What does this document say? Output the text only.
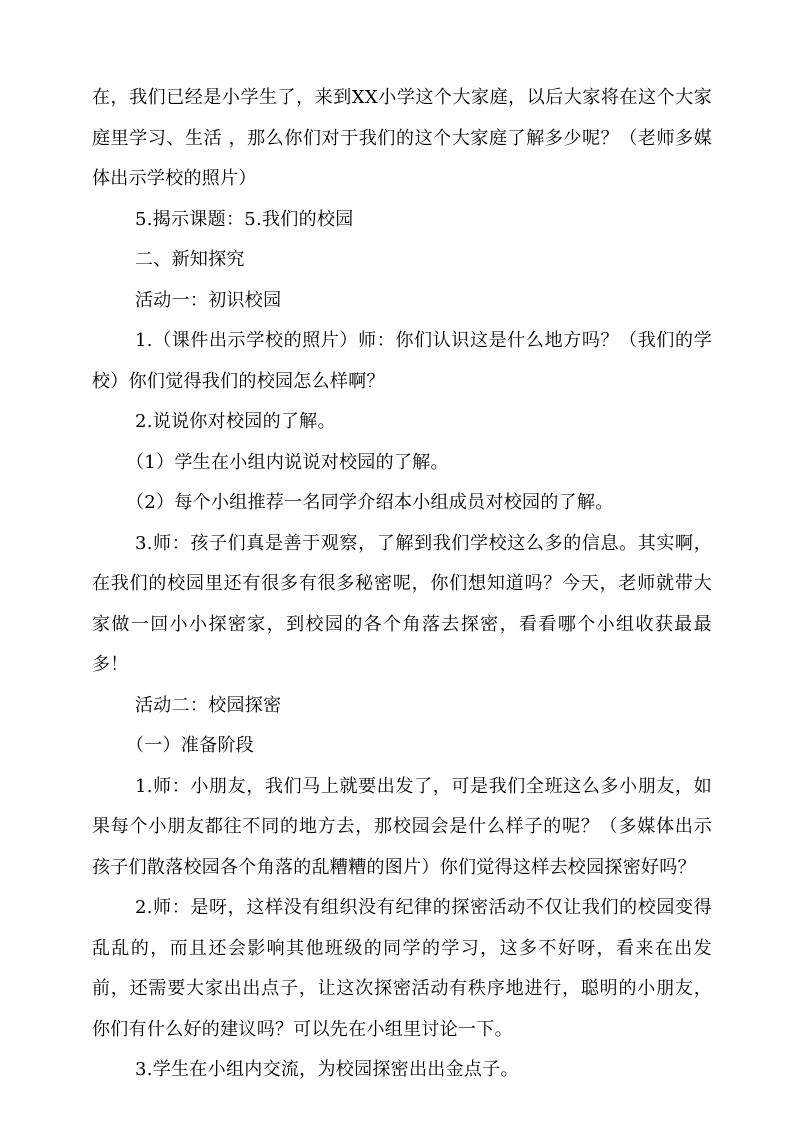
在，我们已经是小学生了，来到XX小学这个大家庭，以后大家将在这个大家庭里学习、生活 ，那么你们对于我们的这个大家庭了解多少呢？（老师多媒体出示学校的照片）

5.揭示课题：5.我们的校园

二、新知探究

活动一：初识校园

1.（课件出示学校的照片）师：你们认识这是什么地方吗？（我们的学校）你们觉得我们的校园怎么样啊？

2.说说你对校园的了解。

（1）学生在小组内说说对校园的了解。

（2）每个小组推荐一名同学介绍本小组成员对校园的了解。

3.师：孩子们真是善于观察，了解到我们学校这么多的信息。其实啊，在我们的校园里还有很多有很多秘密呢，你们想知道吗？今天，老师就带大家做一回小小探密家，到校园的各个角落去探密，看看哪个小组收获最最多！

活动二：校园探密

（一）准备阶段

1.师：小朋友，我们马上就要出发了，可是我们全班这么多小朋友，如果每个小朋友都往不同的地方去，那校园会是什么样子的呢？（多媒体出示孩子们散落校园各个角落的乱糟糟的图片）你们觉得这样去校园探密好吗？

2.师：是呀，这样没有组织没有纪律的探密活动不仅让我们的校园变得乱乱的，而且还会影响其他班级的同学的学习，这多不好呀，看来在出发前，还需要大家出出点子，让这次探密活动有秩序地进行，聪明的小朋友，你们有什么好的建议吗？可以先在小组里讨论一下。

3.学生在小组内交流，为校园探密出出金点子。
